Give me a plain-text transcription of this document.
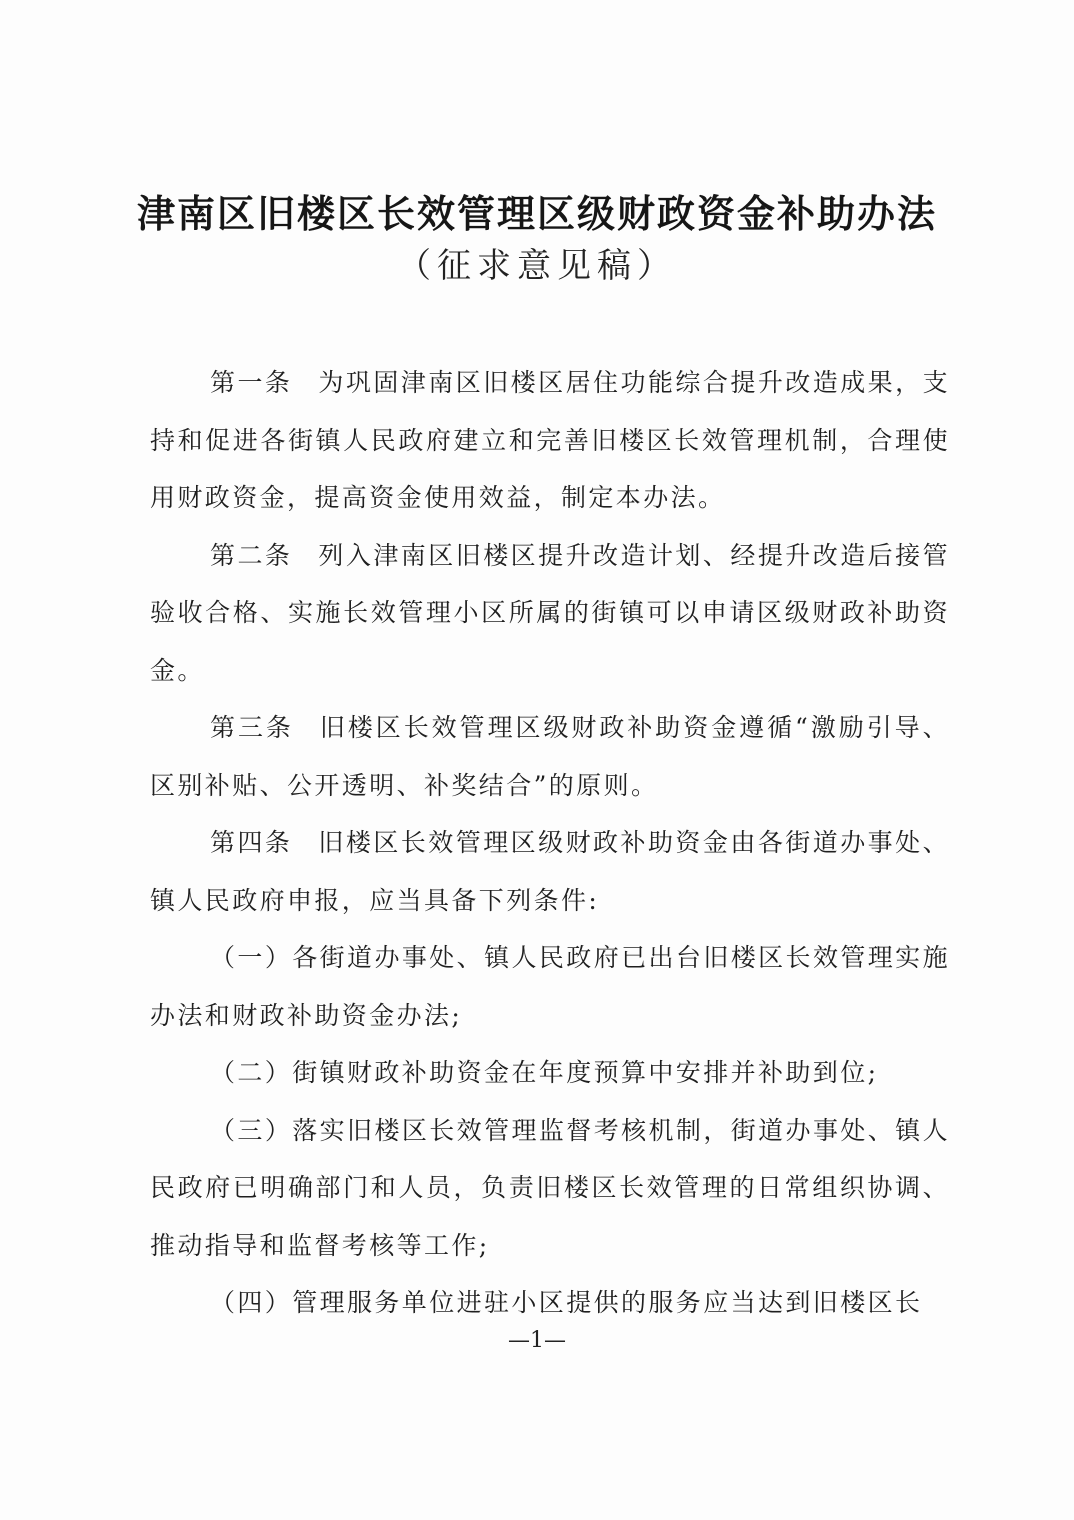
津南区旧楼区长效管理区级财政资金补助办法
（征求意见稿）

第一条 为巩固津南区旧楼区居住功能综合提升改造成果，支持和促进各街镇人民政府建立和完善旧楼区长效管理机制，合理使用财政资金，提高资金使用效益，制定本办法。

第二条 列入津南区旧楼区提升改造计划、经提升改造后接管验收合格、实施长效管理小区所属的街镇可以申请区级财政补助资金。

第三条 旧楼区长效管理区级财政补助资金遵循“激励引导、区别补贴、公开透明、补奖结合”的原则。

第四条 旧楼区长效管理区级财政补助资金由各街道办事处、镇人民政府申报，应当具备下列条件:

（一）各街道办事处、镇人民政府已出台旧楼区长效管理实施办法和财政补助资金办法;

（二）街镇财政补助资金在年度预算中安排并补助到位;

（三）落实旧楼区长效管理监督考核机制，街道办事处、镇人民政府已明确部门和人员，负责旧楼区长效管理的日常组织协调、推动指导和监督考核等工作;

（四）管理服务单位进驻小区提供的服务应当达到旧楼区长

—1—
